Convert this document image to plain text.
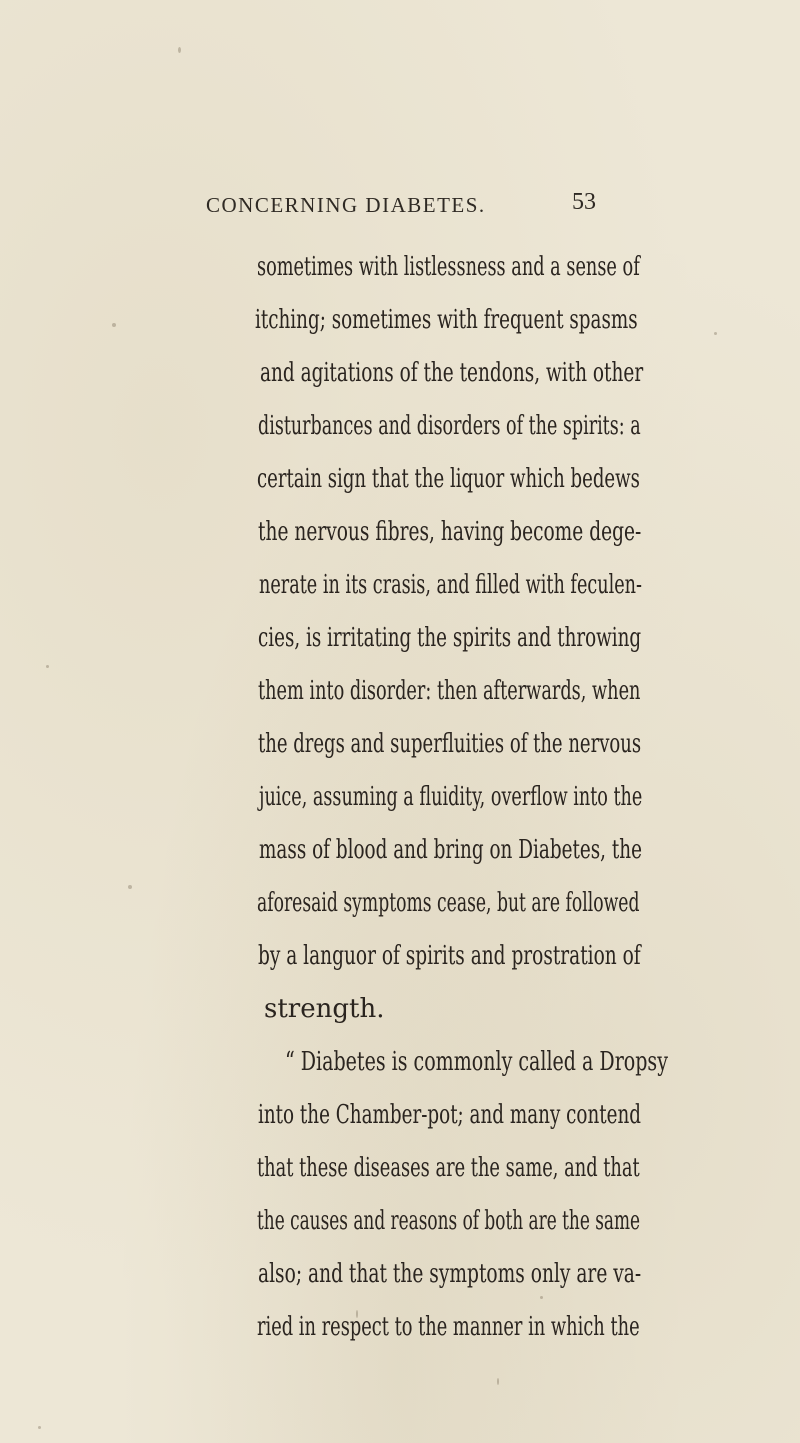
CONCERNING DIABETES.	53
sometimes with listlessness and a sense of
itching; sometimes with frequent spasms
and agitations of the tendons, with other
disturbances and disorders of the spirits: a
certain sign that the liquor which bedews
the nervous fibres, having become dege-
nerate in its crasis, and filled with feculen-
cies, is irritating the spirits and throwing
them into disorder: then afterwards, when
the dregs and superfluities of the nervous
juice, assuming a fluidity, overflow into the
mass of blood and bring on Diabetes, the
aforesaid symptoms cease, but are followed
by a languor of spirits and prostration of
strength.
“ Diabetes is commonly called a Dropsy
into the Chamber-pot; and many contend
that these diseases are the same, and that
the causes and reasons of both are the same
also; and that the symptoms only are va-
ried in respect to the manner in which the
